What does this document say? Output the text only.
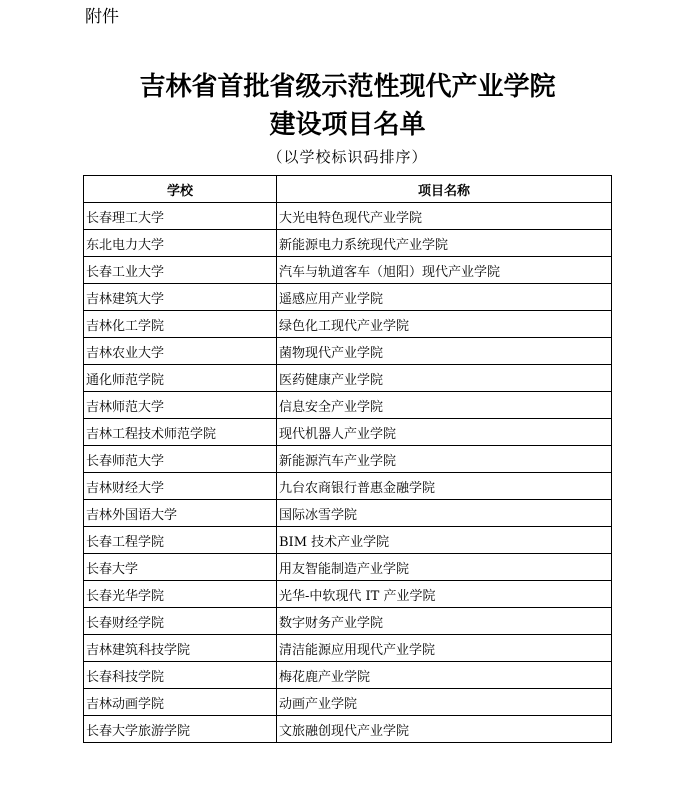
附件
吉林省首批省级示范性现代产业学院
建设项目名单
（以学校标识码排序）
学校	项目名称
长春理工大学	大光电特色现代产业学院
东北电力大学	新能源电力系统现代产业学院
长春工业大学	汽车与轨道客车（旭阳）现代产业学院
吉林建筑大学	遥感应用产业学院
吉林化工学院	绿色化工现代产业学院
吉林农业大学	菌物现代产业学院
通化师范学院	医药健康产业学院
吉林师范大学	信息安全产业学院
吉林工程技术师范学院	现代机器人产业学院
长春师范大学	新能源汽车产业学院
吉林财经大学	九台农商银行普惠金融学院
吉林外国语大学	国际冰雪学院
长春工程学院	BIM 技术产业学院
长春大学	用友智能制造产业学院
长春光华学院	光华-中软现代 IT 产业学院
长春财经学院	数字财务产业学院
吉林建筑科技学院	清洁能源应用现代产业学院
长春科技学院	梅花鹿产业学院
吉林动画学院	动画产业学院
长春大学旅游学院	文旅融创现代产业学院
